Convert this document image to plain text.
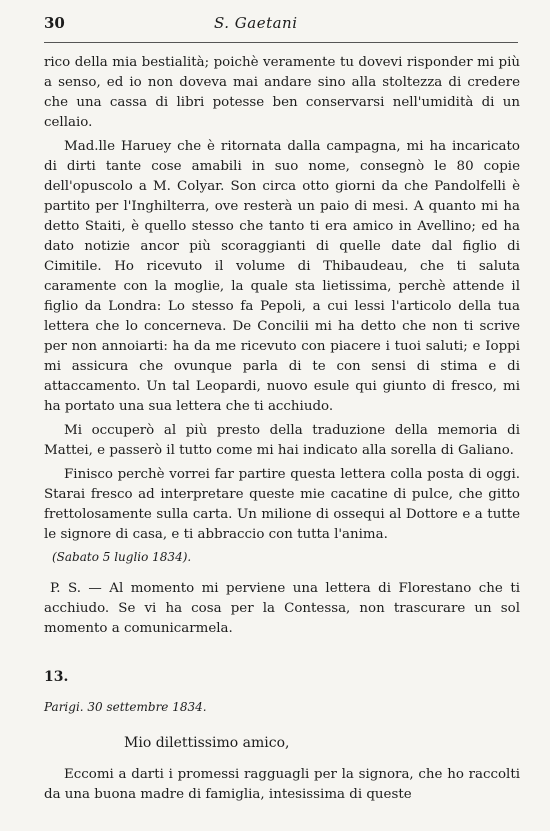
30	S. Gaetani

rico della mia bestialità; poichè veramente tu dovevi risponder mi più a senso, ed io non doveva mai andare sino alla stoltezza di credere che una cassa di libri potesse ben conservarsi nell'umidità di un cellaio.

Mad.lle Haruey che è ritornata dalla campagna, mi ha incaricato di dirti tante cose amabili in suo nome, consegnò le 80 copie dell'opuscolo a M. Colyar. Son circa otto giorni da che Pandolfelli è partito per l'Inghilterra, ove resterà un paio di mesi. A quanto mi ha detto Staiti, è quello stesso che tanto ti era amico in Avellino; ed ha dato notizie ancor più scoraggianti di quelle date dal figlio di Cimitile. Ho ricevuto il volume di Thibaudeau, che ti saluta caramente con la moglie, la quale sta lietissima, perchè attende il figlio da Londra: Lo stesso fa Pepoli, a cui lessi l'articolo della tua lettera che lo concerneva. De Concilii mi ha detto che non ti scrive per non annoiarti: ha da me ricevuto con piacere i tuoi saluti; e Ioppi mi assicura che ovunque parla di te con sensi di stima e di attaccamento. Un tal Leopardi, nuovo esule qui giunto di fresco, mi ha portato una sua lettera che ti acchiudo.

Mi occuperò al più presto della traduzione della memoria di Mattei, e passerò il tutto come mi hai indicato alla sorella di Galiano.

Finisco perchè vorrei far partire questa lettera colla posta di oggi. Starai fresco ad interpretare queste mie cacatine di pulce, che gitto frettolosamente sulla carta. Un milione di ossequi al Dottore e a tutte le signore di casa, e ti abbraccio con tutta l'anima.

(Sabato 5 luglio 1834).

P. S. — Al momento mi perviene una lettera di Florestano che ti acchiudo. Se vi ha cosa per la Contessa, non trascurare un sol momento a comunicarmela.

13.

Parigi. 30 settembre 1834.

Mio dilettissimo amico,

Eccomi a darti i promessi ragguagli per la signora, che ho raccolti da una buona madre di famiglia, intesissima di queste
